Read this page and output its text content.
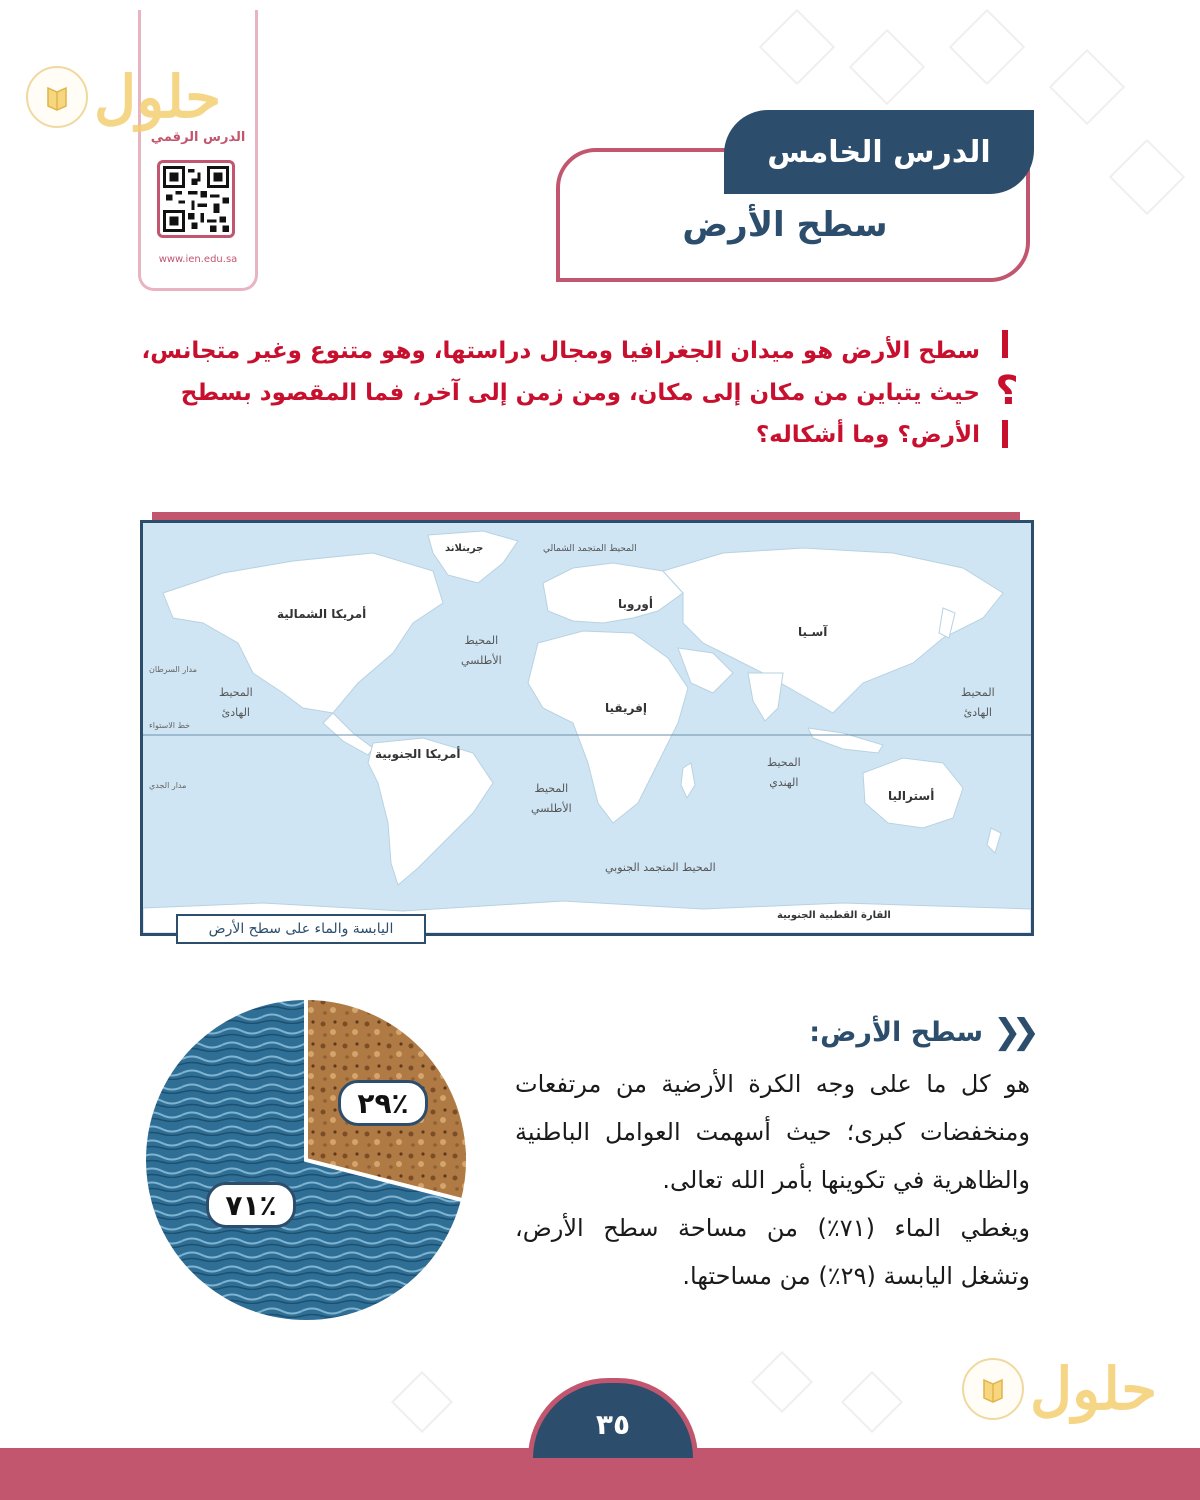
الدرس الرقمي
www.ien.edu.sa
حلول
حلول
الدرس الخامس
سطح الأرض
؟
سطح الأرض هو ميدان الجغرافيا ومجال دراستها، وهو متنوع وغير متجانس، حيث يتباين من مكان إلى مكان، ومن زمن إلى آخر، فما المقصود بسطح الأرض؟ وما أشكاله؟
أمريكا الشمالية
أمريكا الجنوبية
أوروبا
آسـيا
إفريقيا
أستراليا
جرينلاند
القارة القطبية الجنوبية
المحيط المتجمد الشمالي
المحيط
الأطلسي
المحيط
الأطلسي
المحيط
الهادئ
المحيط
الهادئ
المحيط
الهندي
المحيط المتجمد الجنوبي
مدار السرطان
خط الاستواء
مدار الجدي
اليابسة والماء على سطح الأرض
❮❮
سطح الأرض:
هو كل ما على وجه الكرة الأرضية من مرتفعات ومنخفضات كبرى؛ حيث أسهمت العوامل الباطنية والظاهرية في تكوينها بأمر الله تعالى.
ويغطي الماء (٧١٪) من مساحة سطح الأرض، وتشغل اليابسة (٢٩٪) من مساحتها.
٪٢٩
٪٧١
٣٥
